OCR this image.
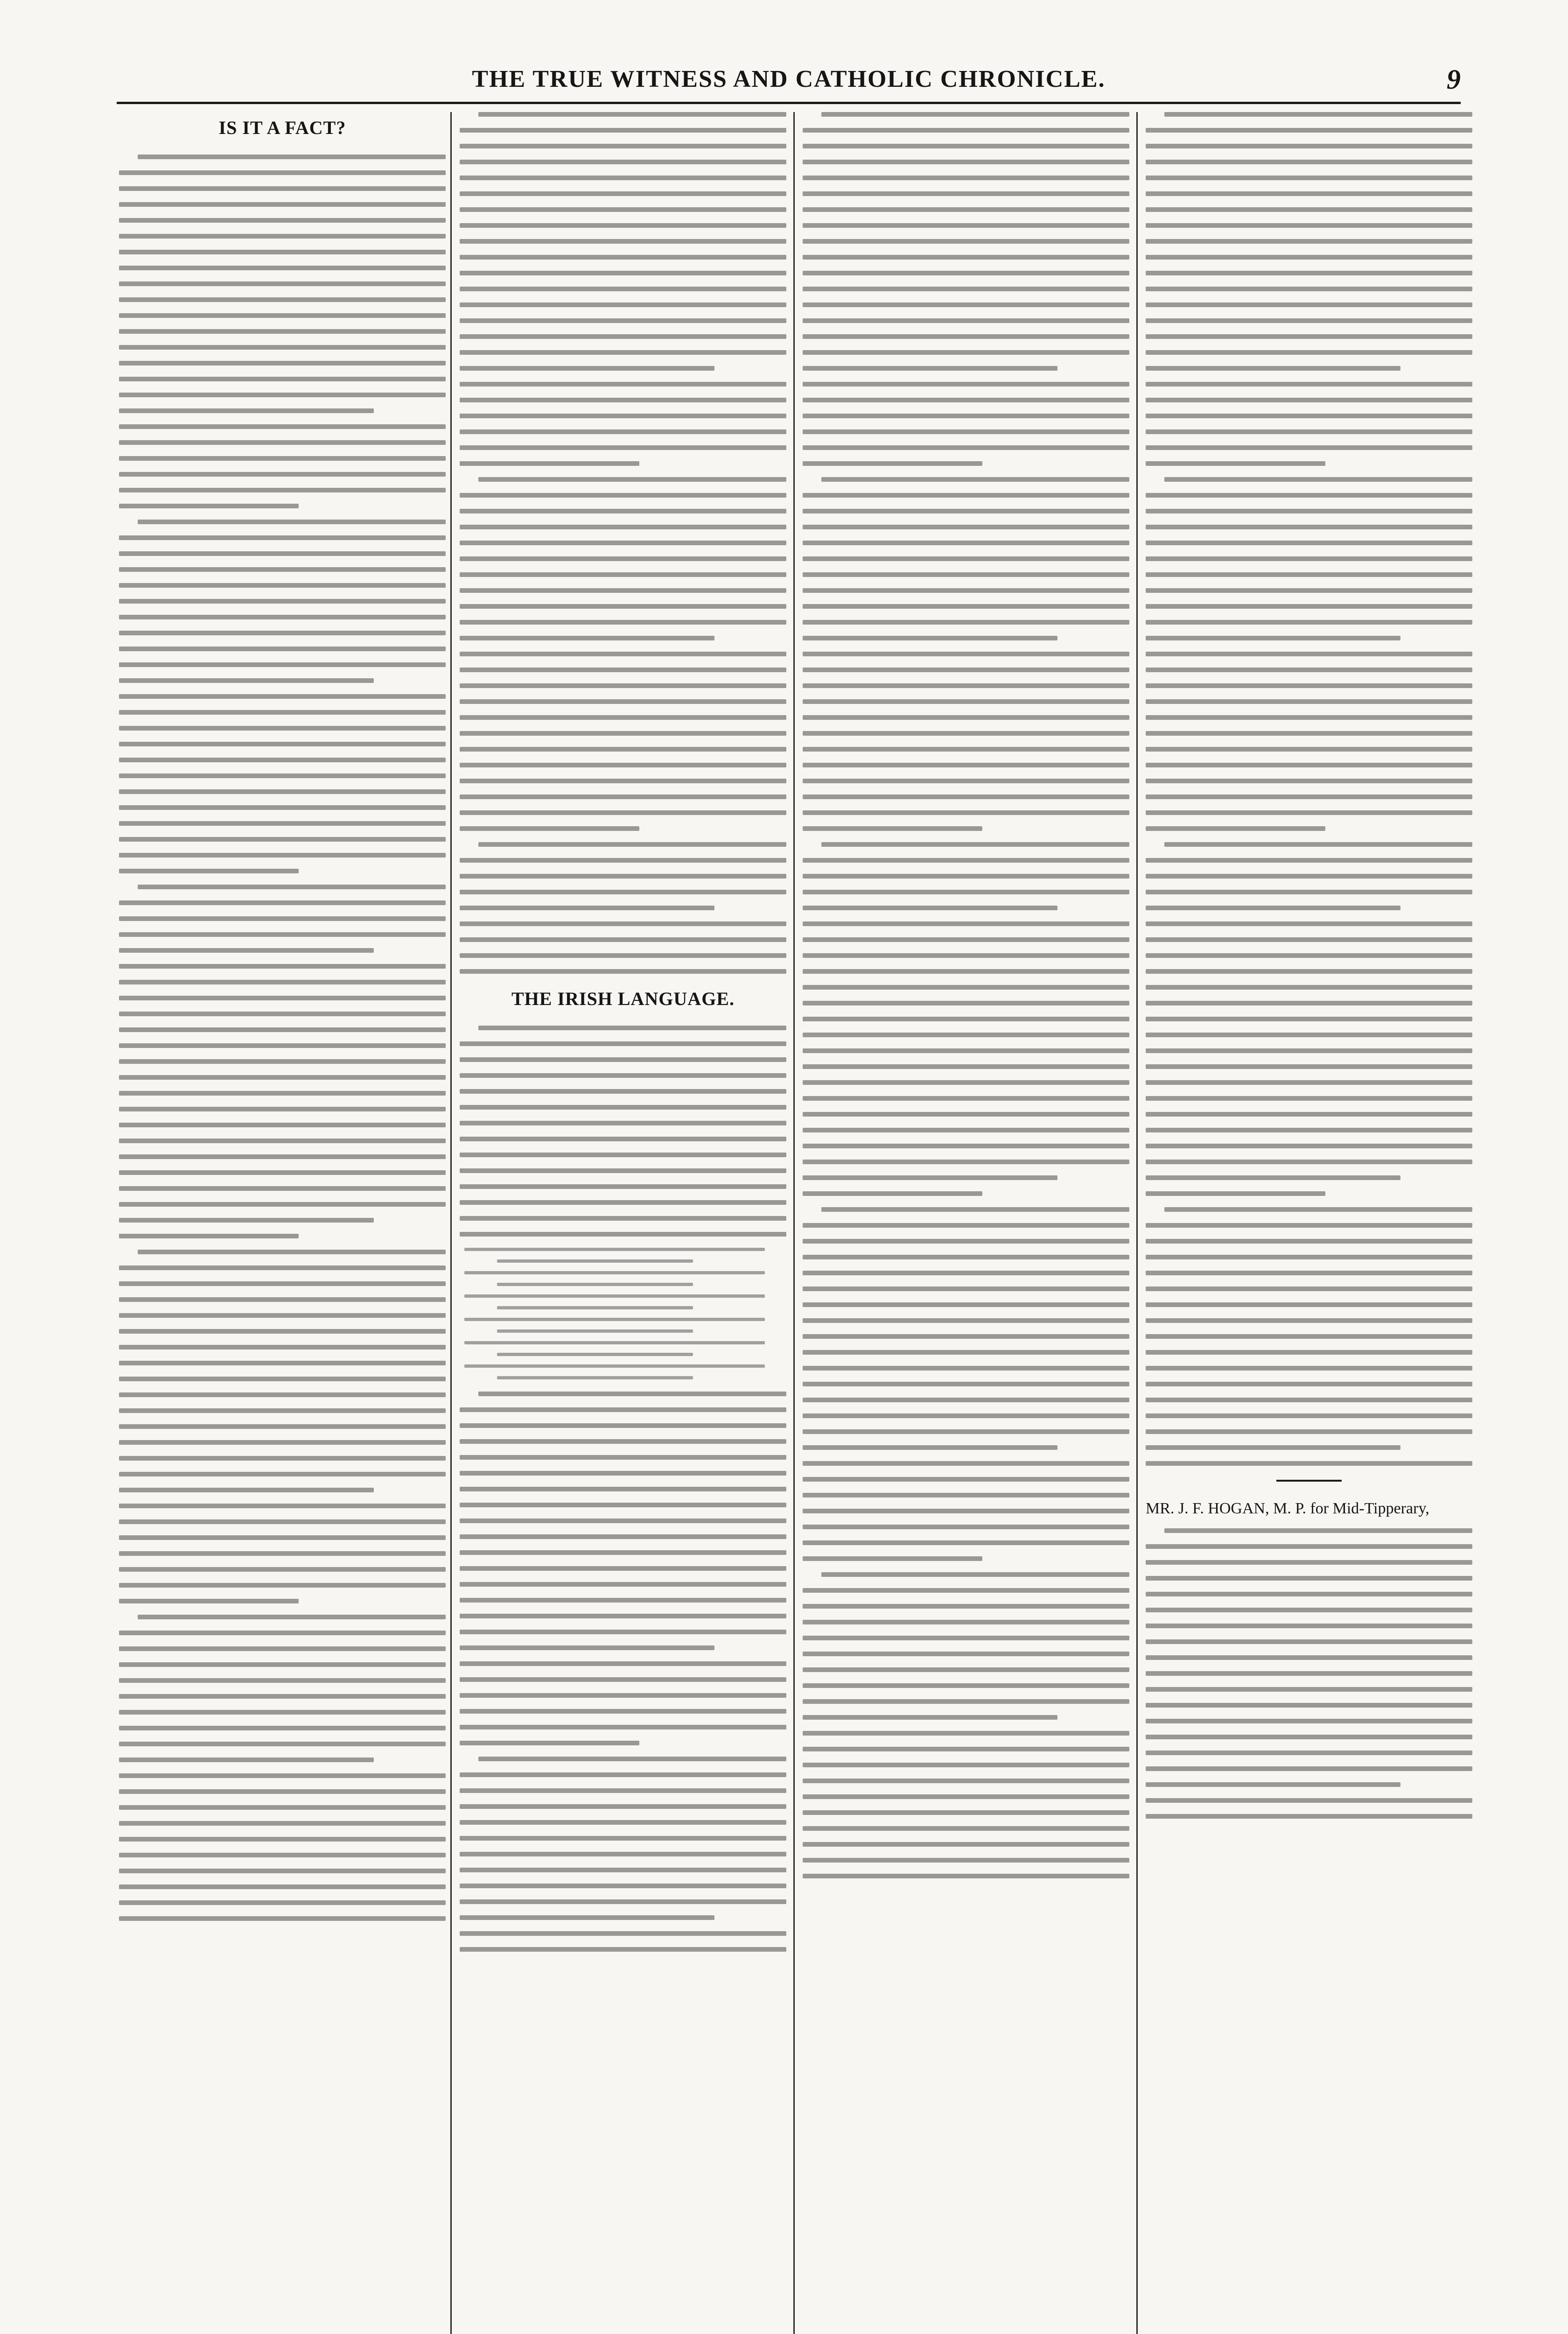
THE TRUE WITNESS AND CATHOLIC CHRONICLE.	9
IS IT A FACT?
THE IRISH LANGUAGE.
MR. J. F. HOGAN, M. P. for Mid-Tipperary,
